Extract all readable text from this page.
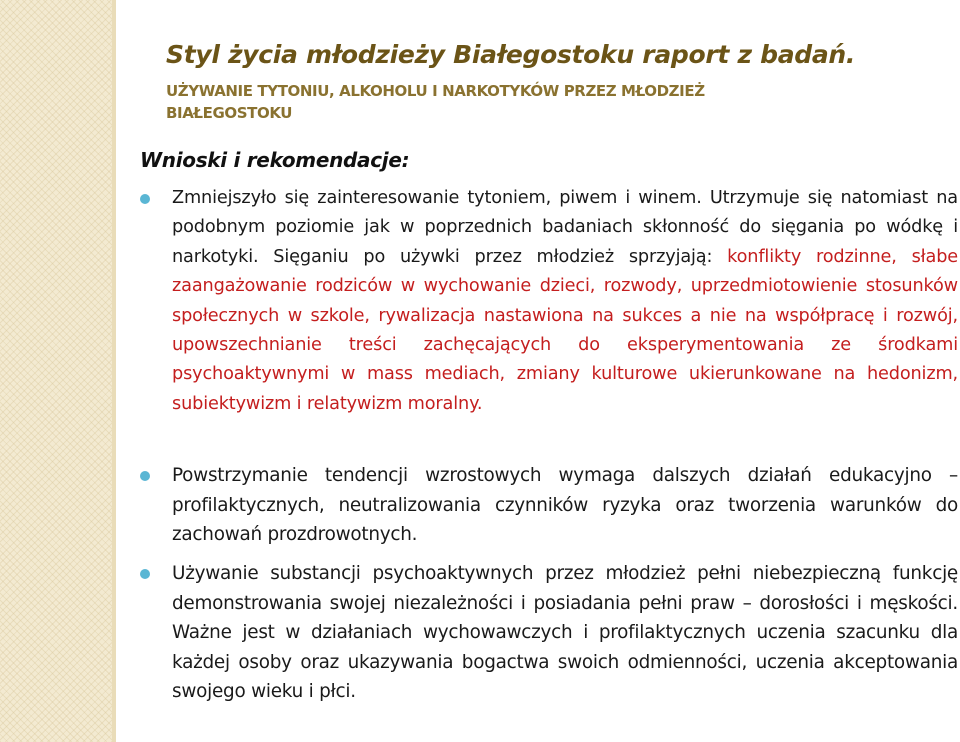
Styl życia młodzieży Białegostoku raport z badań.
UŻYWANIE TYTONIU, ALKOHOLU I NARKOTYKÓW PRZEZ MŁODZIEŻ BIAŁEGOSTOKU
Wnioski i rekomendacje:

Zmniejszyło się zainteresowanie tytoniem, piwem i winem. Utrzymuje się natomiast na podobnym poziomie jak w poprzednich badaniach skłonność do sięgania po wódkę i narkotyki. Sięganiu po używki przez młodzież sprzyjają: konflikty rodzinne, słabe zaangażowanie rodziców w wychowanie dzieci, rozwody, uprzedmiotowienie stosunków społecznych w szkole, rywalizacja nastawiona na sukces a nie na współpracę i rozwój, upowszechnianie treści zachęcających do eksperymentowania ze środkami psychoaktywnymi w mass mediach, zmiany kulturowe ukierunkowane na hedonizm, subiektywizm i relatywizm moralny.

Powstrzymanie tendencji wzrostowych wymaga dalszych działań edukacyjno – profilaktycznych, neutralizowania czynników ryzyka oraz tworzenia warunków do zachowań prozdrowotnych.

Używanie substancji psychoaktywnych przez młodzież pełni niebezpieczną funkcję demonstrowania swojej niezależności i posiadania pełni praw – dorosłości i męskości. Ważne jest w działaniach wychowawczych i profilaktycznych uczenia szacunku dla każdej osoby oraz ukazywania bogactwa swoich odmienności, uczenia akceptowania swojego wieku i płci.
